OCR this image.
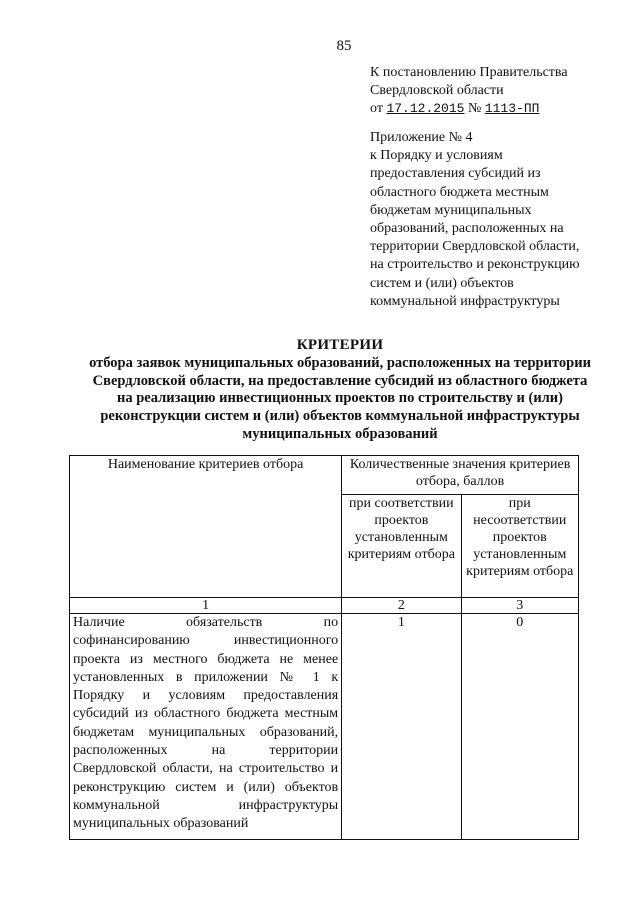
85
К постановлению Правительства
Свердловской области
от 17.12.2015 № 1113-ПП
Приложение № 4
к Порядку и условиям
предоставления субсидий из
областного бюджета местным
бюджетам муниципальных
образований, расположенных на
территории Свердловской области,
на строительство и реконструкцию
систем и (или) объектов
коммунальной инфраструктуры
КРИТЕРИИ
отбора заявок муниципальных образований, расположенных на территории
Свердловской области, на предоставление субсидий из областного бюджета
на реализацию инвестиционных проектов по строительству и (или)
реконструкции систем и (или) объектов коммунальной инфраструктуры
муниципальных образований
Наименование критериев отбора	Количественные значения критериев отбора, баллов	
	при соответствии проектов установленным критериям отбора	при несоответствии проектов установленным критериям отбора
1	2	3
Наличие обязательств по софинансированию инвестиционного проекта из местного бюджета не менее установленных в приложении № 1 к Порядку и условиям предоставления субсидий из областного бюджета местным бюджетам муниципальных образований, расположенных на территории Свердловской области, на строительство и реконструкцию систем и (или) объектов коммунальной инфраструктуры муниципальных образований	1	0
